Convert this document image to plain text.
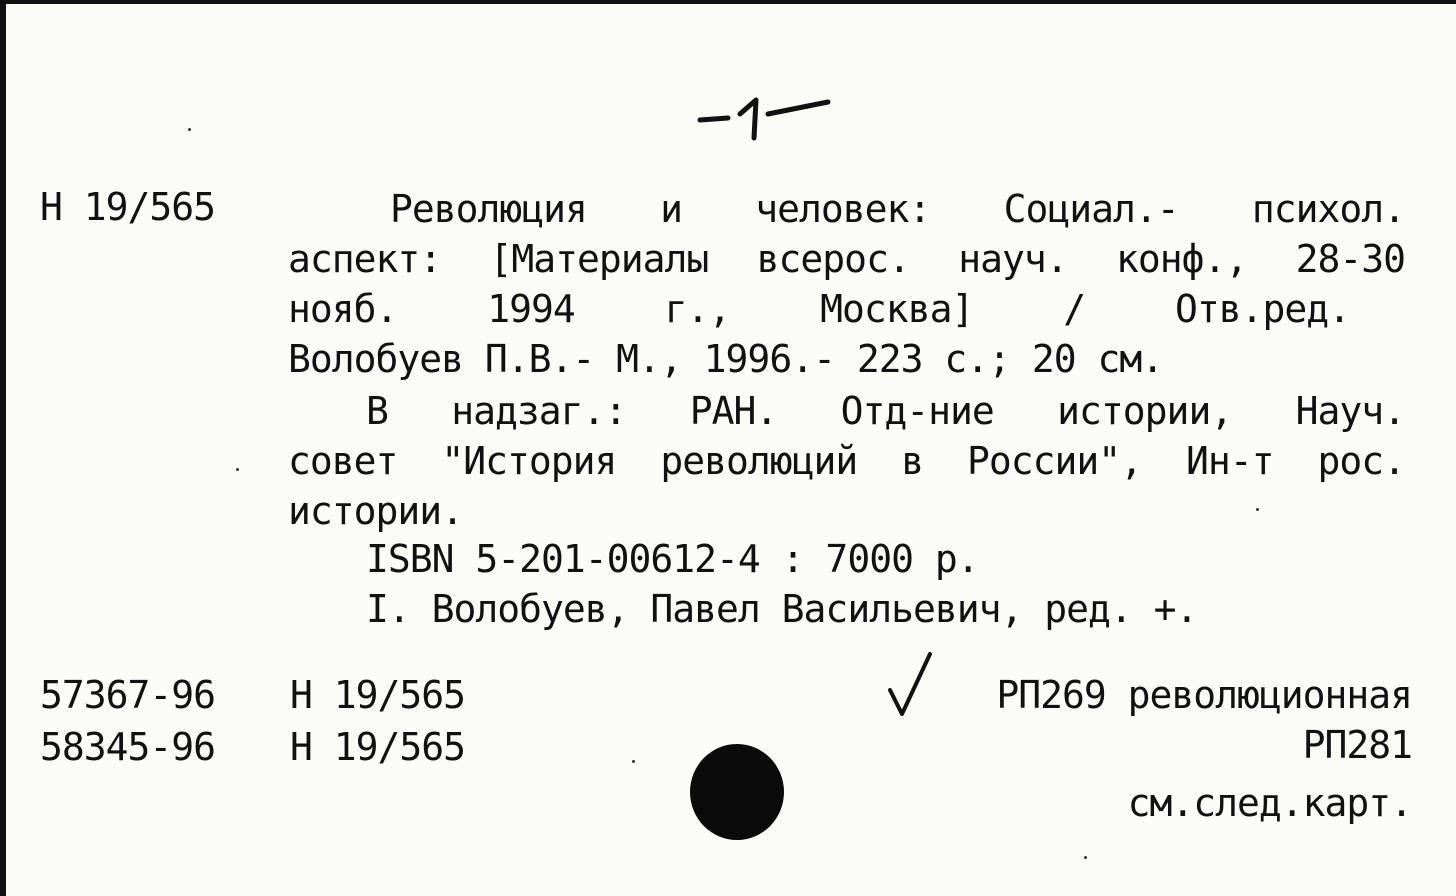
Н 19/565	Революция и человек: Социал.- психол.
аспект: [Материалы всерос. науч. конф., 28-30
нояб. 1994 г., Москва] / Отв.ред.
Волобуев П.В.- М., 1996.- 223 с.; 20 см.
В надзаг.: РАН. Отд-ние истории, Науч.
совет "История революций в России", Ин-т рос.
истории.
ISBN 5-201-00612-4 : 7000 р.
I. Волобуев, Павел Васильевич, ред. +.
57367-96 Н 19/565
58345-96 Н 19/565
РП269 революционная
РП281
см.след.карт.
